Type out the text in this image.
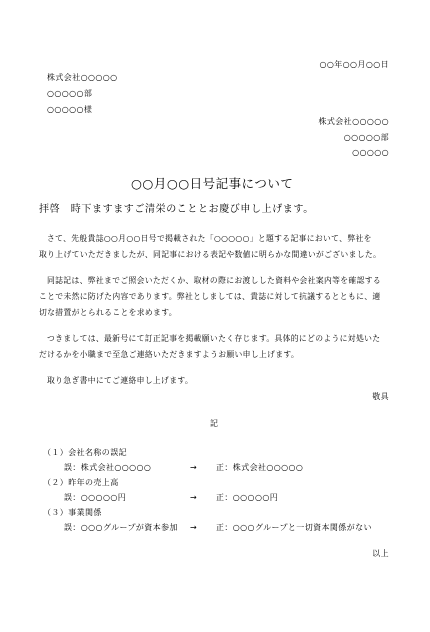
○○年○○月○○日
株式会社○○○○○
○○○○○部
○○○○○様
株式会社○○○○○
○○○○○部
○○○○○
○○月○○日号記事について
拝啓　時下ますますご清栄のこととお慶び申し上げます。
さて、先般貴誌○○月○○日号で掲載された「○○○○○」と題する記事において、弊社を
取り上げていただきましたが、同記事における表記や数値に明らかな間違いがございました。
同誌記は、弊社までご照会いただくか、取材の際にお渡しした資料や会社案内等を確認する
ことで未然に防げた内容であります。弊社としましては、貴誌に対して抗議するとともに、適
切な措置がとられることを求めます。
つきましては、最新号にて訂正記事を掲載願いたく存じます。具体的にどのように対処いた
だけるかを小職まで至急ご連絡いただきますようお願い申し上げます。
取り急ぎ書中にてご連絡申し上げます。
敬具
記
（１）会社名称の誤記
誤：株式会社○○○○○	→ 正：株式会社○○○○○
（２）昨年の売上高
誤：○○○○○円	→ 正：○○○○○円
（３）事業関係
誤：○○○グループが資本参加 → 正：○○○グループと一切資本関係がない
以上
